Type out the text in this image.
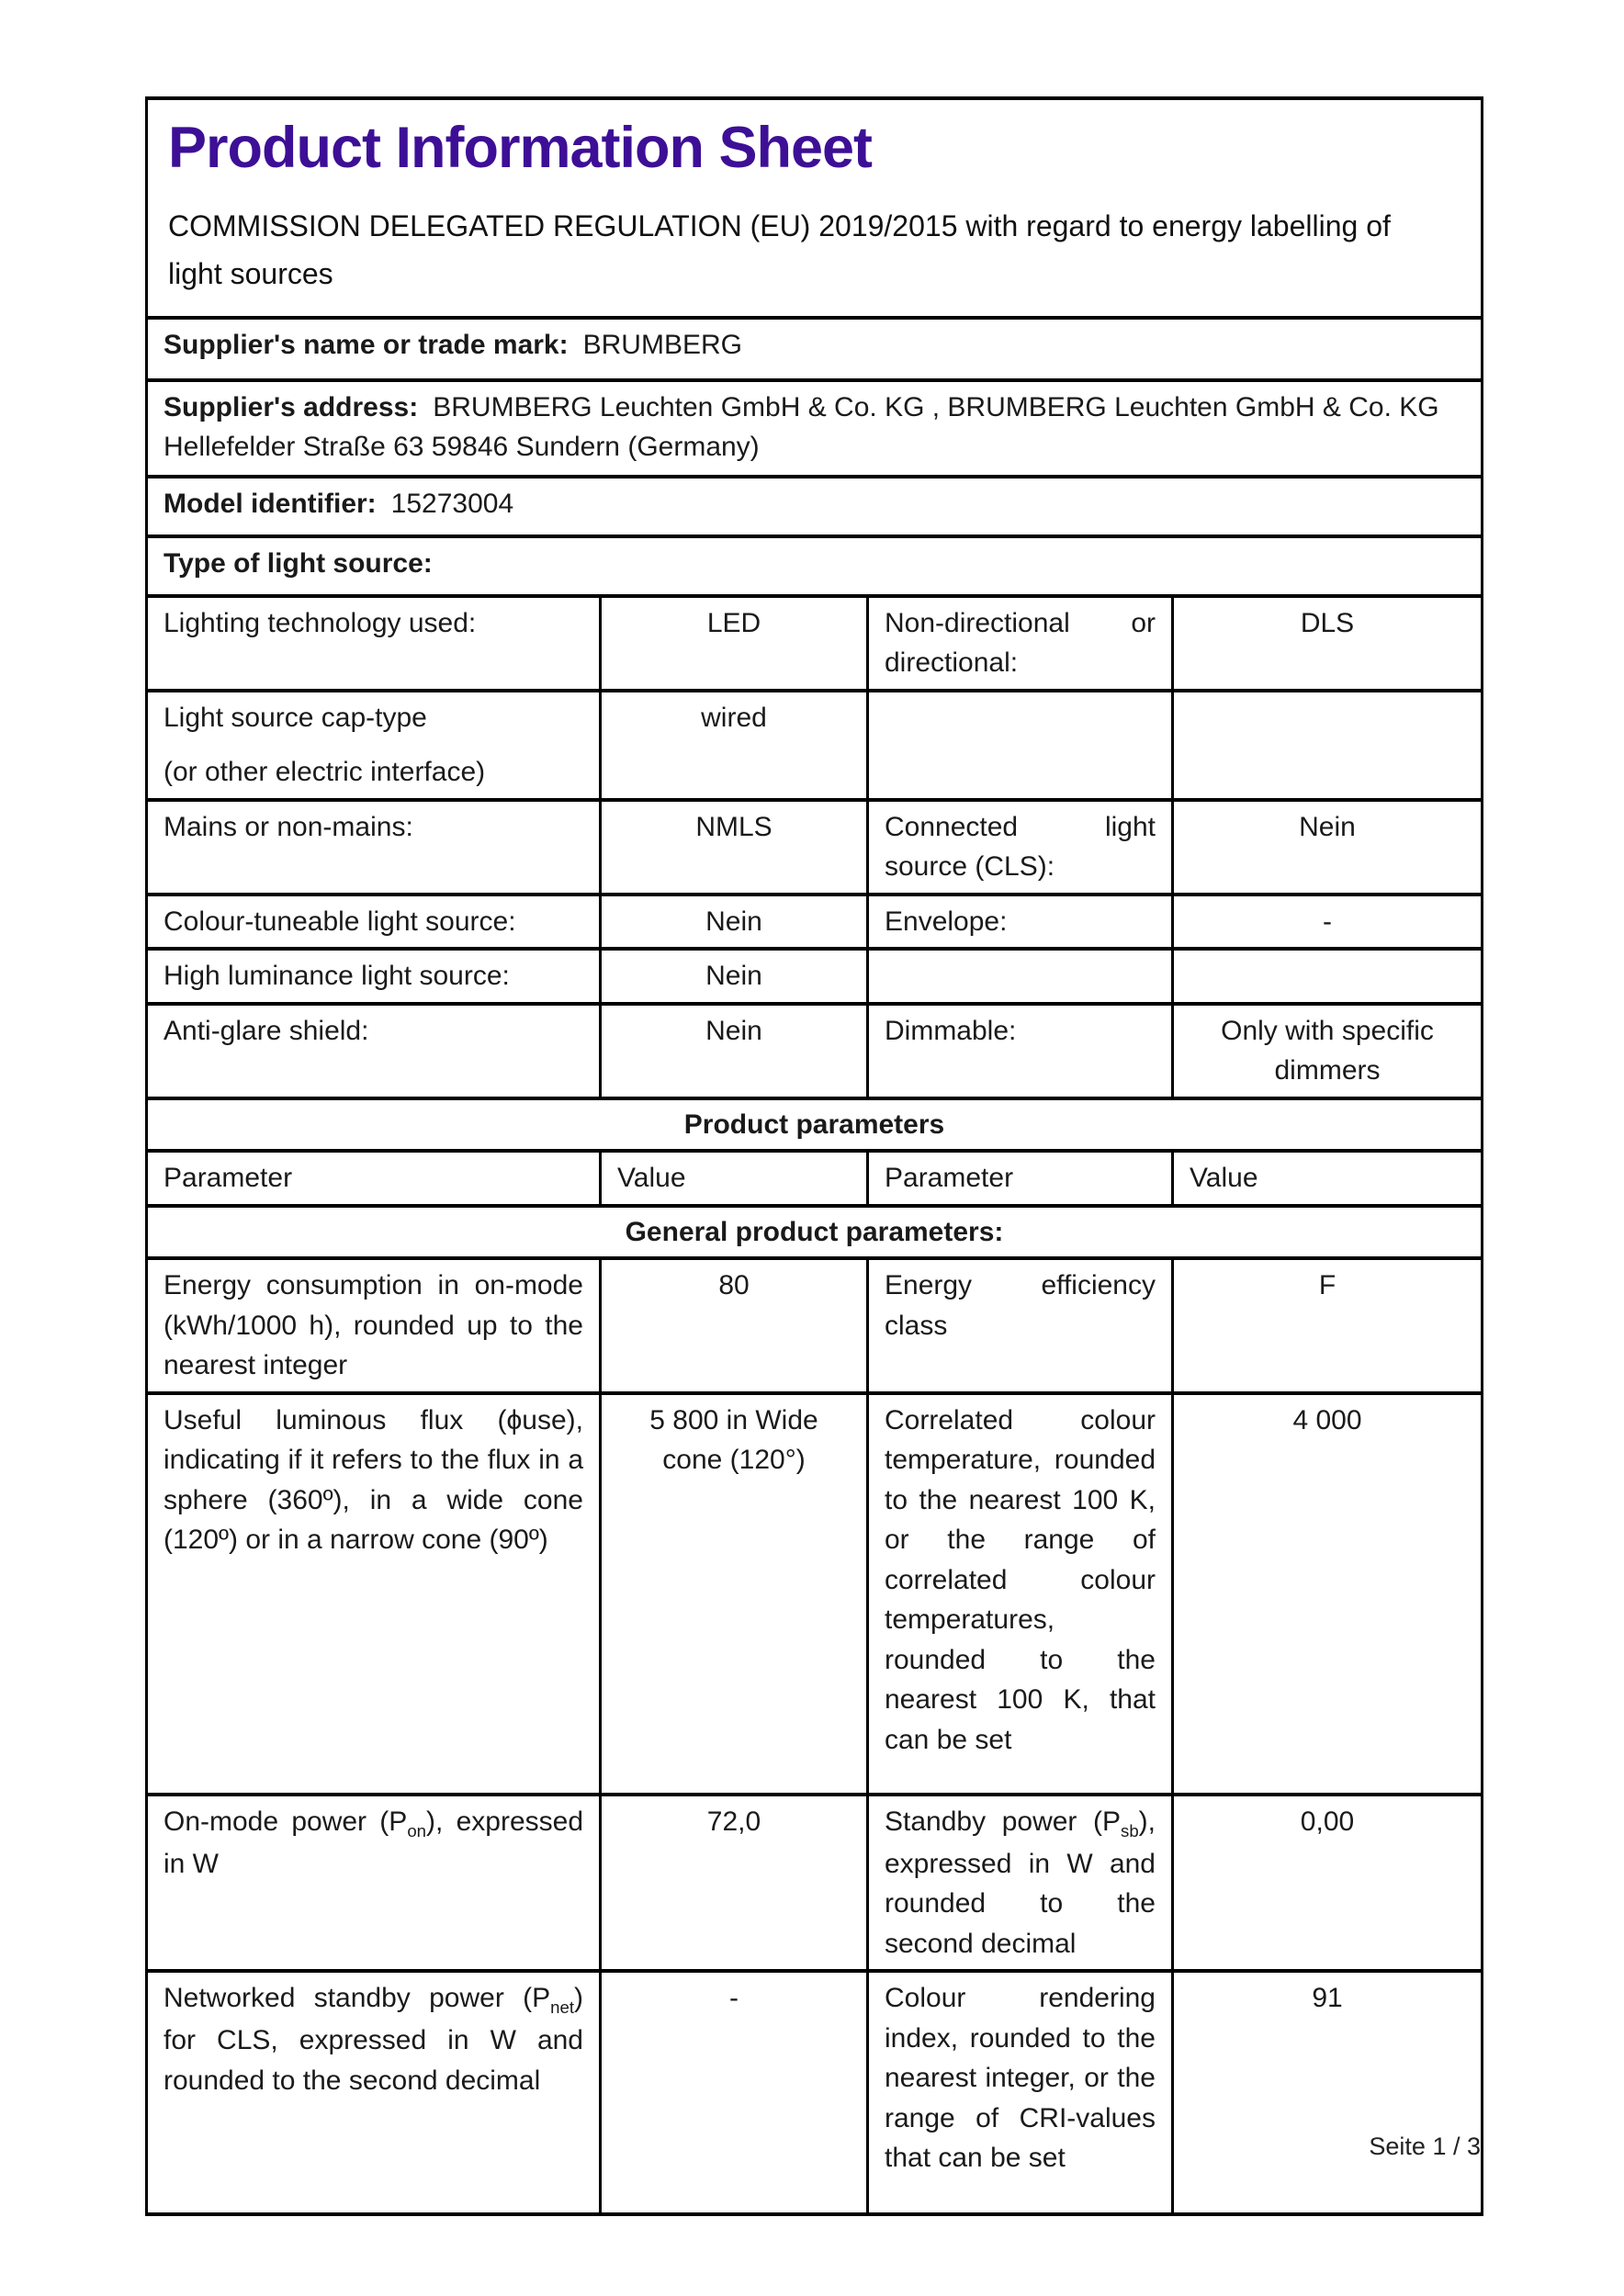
Product Information Sheet
COMMISSION DELEGATED REGULATION (EU) 2019/2015 with regard to energy labelling of light sources

Supplier's name or trade mark: BRUMBERG			
Supplier's address: BRUMBERG Leuchten GmbH & Co. KG , BRUMBERG Leuchten GmbH & Co. KG Hellefelder Straße 63 59846 Sundern (Germany)			
Model identifier: 15273004			
Type of light source:			
Lighting technology used:	LED	Non-directional or directional:	DLS

Light source cap-type
(or other electric interface)	wired		
Mains or non-mains:	NMLS	Connected light source (CLS):	Nein
Colour-tuneable light source:	Nein	Envelope:	-
High luminance light source:	Nein		
Anti-glare shield:	Nein	Dimmable:	Only with specific dimmers
Product parameters			
Parameter	Value	Parameter	Value
General product parameters:			
Energy consumption in on-mode (kWh/1000 h), rounded up to the nearest integer	80	Energy efficiency class	F
Useful luminous flux (ϕuse), indicating if it refers to the flux in a sphere (360º), in a wide cone (120º) or in a narrow cone (90º)	5 800 in Wide cone (120°)	Correlated colour temperature, rounded to the nearest 100 K, or the range of correlated colour temperatures, rounded to the nearest 100 K, that can be set	4 000
On-mode power $(P_{on})$, expressed in W	72,0	Standby power $(P_{sb})$, expressed in W and rounded to the second decimal	0,00
Networked standby power $(P_{net})$ for CLS, expressed in W and rounded to the second decimal	-	Colour rendering index, rounded to the nearest integer, or the range of CRI-values that can be set	91
Seite 1 / 3
